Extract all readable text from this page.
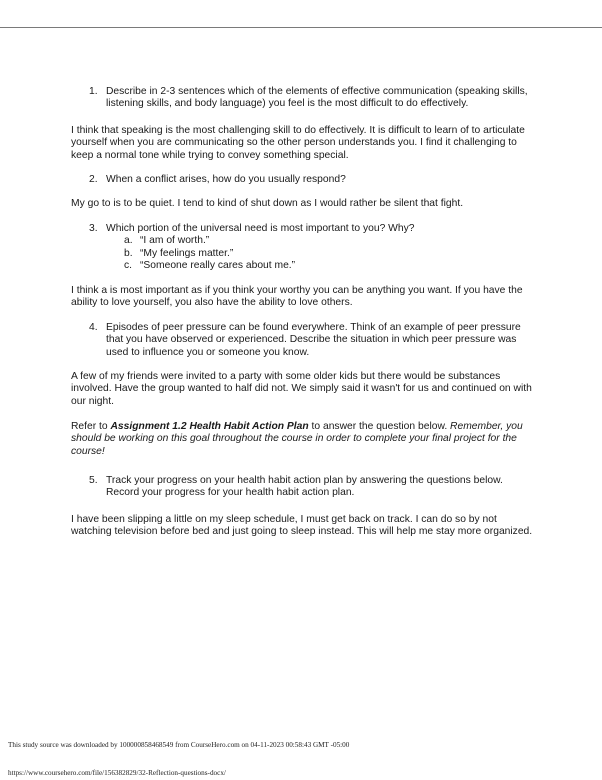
1. Describe in 2-3 sentences which of the elements of effective communication (speaking skills, listening skills, and body language) you feel is the most difficult to do effectively.
I think that speaking is the most challenging skill to do effectively. It is difficult to learn of to articulate yourself when you are communicating so the other person understands you. I find it challenging to keep a normal tone while trying to convey something special.
2. When a conflict arises, how do you usually respond?
My go to is to be quiet. I tend to kind of shut down as I would rather be silent that fight.
3. Which portion of the universal need is most important to you? Why?
a. “I am of worth.”
b. “My feelings matter.”
c. “Someone really cares about me.”
I think a is most important as if you think your worthy you can be anything you want. If you have the ability to love yourself, you also have the ability to love others.
4. Episodes of peer pressure can be found everywhere. Think of an example of peer pressure that you have observed or experienced. Describe the situation in which peer pressure was used to influence you or someone you know.
A few of my friends were invited to a party with some older kids but there would be substances involved. Have the group wanted to half did not. We simply said it wasn't for us and continued on with our night.
Refer to Assignment 1.2 Health Habit Action Plan to answer the question below. Remember, you should be working on this goal throughout the course in order to complete your final project for the course!
5. Track your progress on your health habit action plan by answering the questions below. Record your progress for your health habit action plan.
I have been slipping a little on my sleep schedule, I must get back on track. I can do so by not watching television before bed and just going to sleep instead. This will help me stay more organized.
This study source was downloaded by 100000858468549 from CourseHero.com on 04-11-2023 00:58:43 GMT -05:00
https://www.coursehero.com/file/156382829/32-Reflection-questions-docx/
